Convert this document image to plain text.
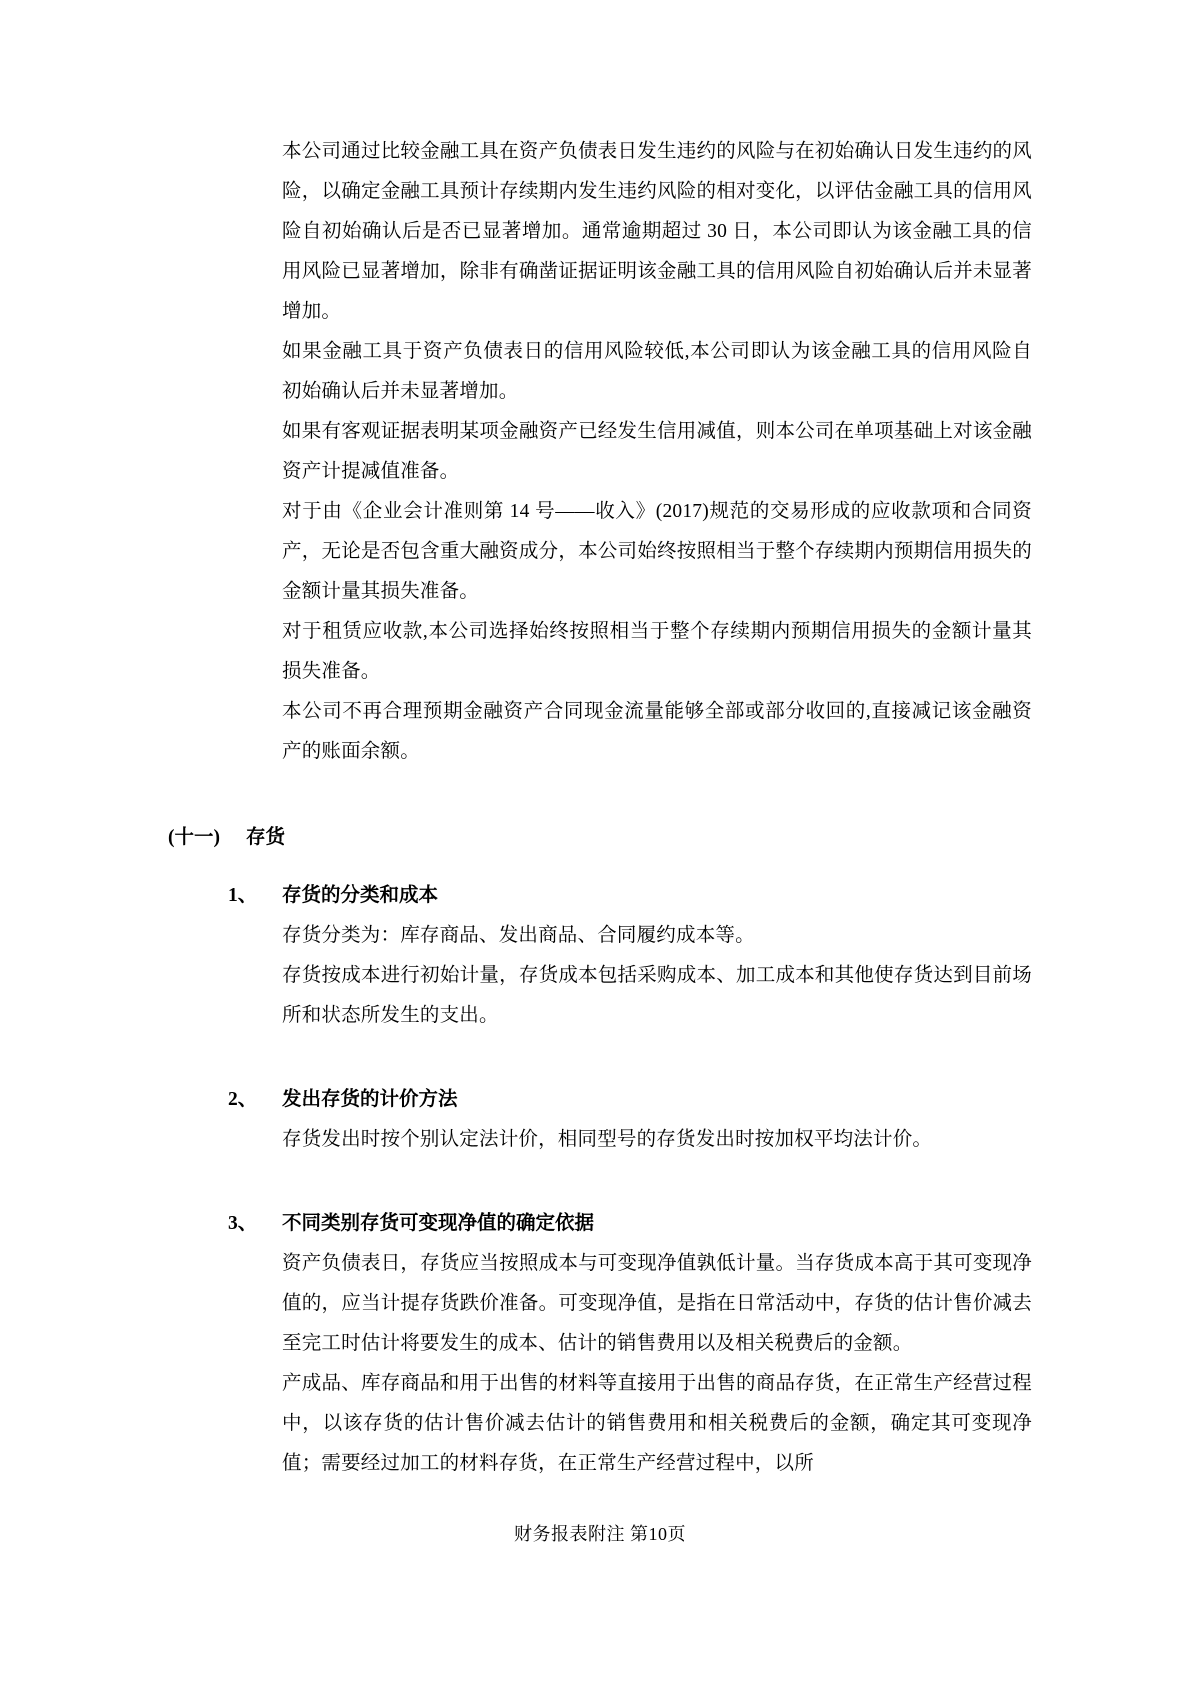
本公司通过比较金融工具在资产负债表日发生违约的风险与在初始确认日发生违约的风险，以确定金融工具预计存续期内发生违约风险的相对变化，以评估金融工具的信用风险自初始确认后是否已显著增加。通常逾期超过 30 日，本公司即认为该金融工具的信用风险已显著增加，除非有确凿证据证明该金融工具的信用风险自初始确认后并未显著增加。

如果金融工具于资产负债表日的信用风险较低,本公司即认为该金融工具的信用风险自初始确认后并未显著增加。

如果有客观证据表明某项金融资产已经发生信用减值，则本公司在单项基础上对该金融资产计提减值准备。

对于由《企业会计准则第 14 号——收入》(2017)规范的交易形成的应收款项和合同资产，无论是否包含重大融资成分，本公司始终按照相当于整个存续期内预期信用损失的金额计量其损失准备。

对于租赁应收款,本公司选择始终按照相当于整个存续期内预期信用损失的金额计量其损失准备。

本公司不再合理预期金融资产合同现金流量能够全部或部分收回的,直接减记该金融资产的账面余额。

(十一) 存货

1、 存货的分类和成本

存货分类为：库存商品、发出商品、合同履约成本等。

存货按成本进行初始计量，存货成本包括采购成本、加工成本和其他使存货达到目前场所和状态所发生的支出。

2、 发出存货的计价方法

存货发出时按个别认定法计价，相同型号的存货发出时按加权平均法计价。

3、 不同类别存货可变现净值的确定依据

资产负债表日，存货应当按照成本与可变现净值孰低计量。当存货成本高于其可变现净值的，应当计提存货跌价准备。可变现净值，是指在日常活动中，存货的估计售价减去至完工时估计将要发生的成本、估计的销售费用以及相关税费后的金额。

产成品、库存商品和用于出售的材料等直接用于出售的商品存货，在正常生产经营过程中，以该存货的估计售价减去估计的销售费用和相关税费后的金额，确定其可变现净值；需要经过加工的材料存货，在正常生产经营过程中，以所

财务报表附注 第10页
